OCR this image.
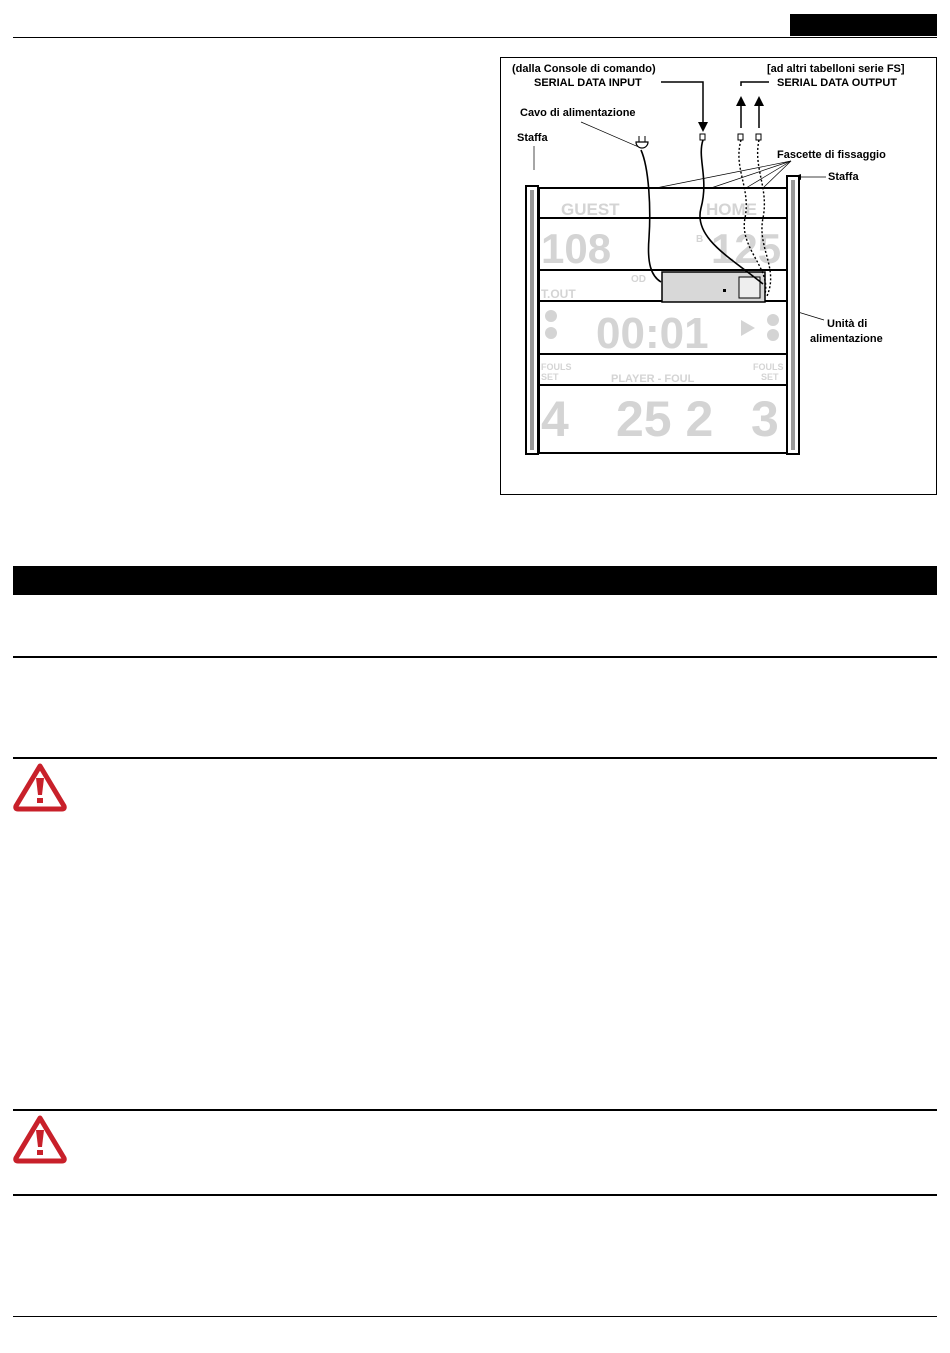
(dalla Console di comando)
SERIAL DATA INPUT
[ad altri tabelloni serie FS]
SERIAL DATA OUTPUT
Cavo di alimentazione
Staffa
Fascette di fissaggio
Staffa
Unità di
alimentazione
GUEST	HOME
108	B 125
T.OUT
OD
00:01
PLAYER - FOUL
FOULS
SET
FOULS
SET
4 25 2 3
